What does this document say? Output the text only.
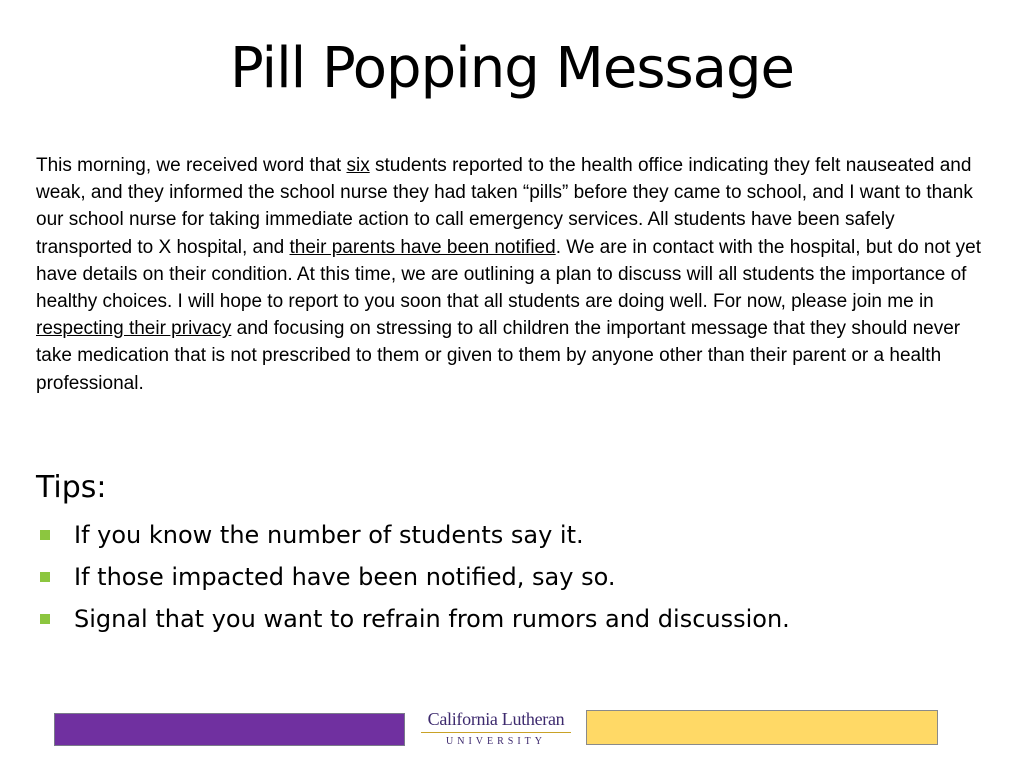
Pill Popping Message

This morning, we received word that six students reported to the health office indicating they felt nauseated and weak, and they informed the school nurse they had taken “pills” before they came to school, and I want to thank our school nurse for taking immediate action to call emergency services. All students have been safely transported to X hospital, and their parents have been notified. We are in contact with the hospital, but do not yet have details on their condition. At this time, we are outlining a plan to discuss will all students the importance of healthy choices. I will hope to report to you soon that all students are doing well. For now, please join me in respecting their privacy and focusing on stressing to all children the important message that they should never take medication that is not prescribed to them or given to them by anyone other than their parent or a health professional.

Tips:
If you know the number of students say it.
If those impacted have been notified, say so.
Signal that you want to refrain from rumors and discussion.
California Lutheran
UNIVERSITY
